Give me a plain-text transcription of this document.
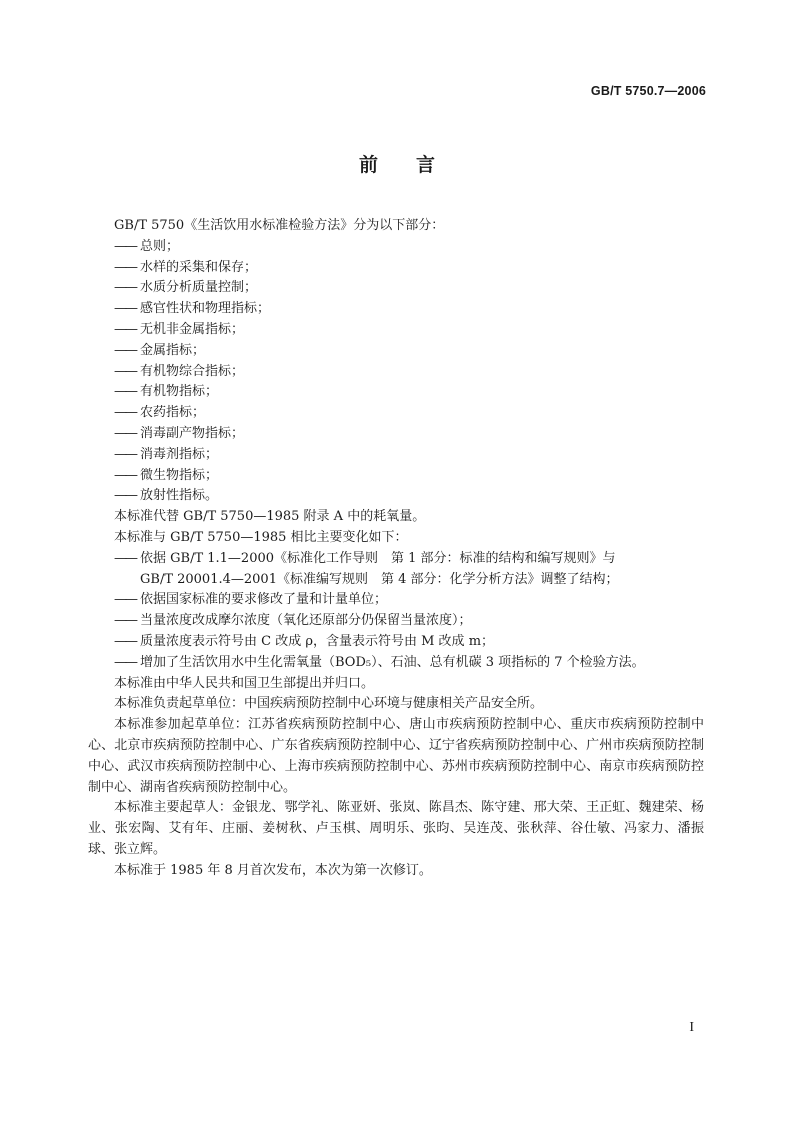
GB/T 5750.7—2006
前 言

GB/T 5750《生活饮用水标准检验方法》分为以下部分：

—— 总则；

—— 水样的采集和保存；

—— 水质分析质量控制；

—— 感官性状和物理指标；

—— 无机非金属指标；

—— 金属指标；

—— 有机物综合指标；

—— 有机物指标；

—— 农药指标；

—— 消毒副产物指标；

—— 消毒剂指标；

—— 微生物指标；

—— 放射性指标。

本标准代替 GB/T 5750—1985 附录 A 中的耗氧量。

本标准与 GB/T 5750—1985 相比主要变化如下：

—— 依据 GB/T 1.1—2000《标准化工作导则　第 1 部分：标准的结构和编写规则》与
GB/T 20001.4—2001《标准编写规则　第 4 部分：化学分析方法》调整了结构；

—— 依据国家标准的要求修改了量和计量单位；

—— 当量浓度改成摩尔浓度（氧化还原部分仍保留当量浓度）；

—— 质量浓度表示符号由 C 改成 ρ，含量表示符号由 M 改成 m；

—— 增加了生活饮用水中生化需氧量（BOD₅）、石油、总有机碳 3 项指标的 7 个检验方法。

本标准由中华人民共和国卫生部提出并归口。

本标准负责起草单位：中国疾病预防控制中心环境与健康相关产品安全所。

本标准参加起草单位：江苏省疾病预防控制中心、唐山市疾病预防控制中心、重庆市疾病预防控制中心、北京市疾病预防控制中心、广东省疾病预防控制中心、辽宁省疾病预防控制中心、广州市疾病预防控制中心、武汉市疾病预防控制中心、上海市疾病预防控制中心、苏州市疾病预防控制中心、南京市疾病预防控制中心、湖南省疾病预防控制中心。

本标准主要起草人：金银龙、鄂学礼、陈亚妍、张岚、陈昌杰、陈守建、邢大荣、王正虹、魏建荣、杨业、张宏陶、艾有年、庄丽、姜树秋、卢玉棋、周明乐、张昀、吴连茂、张秋萍、谷仕敏、冯家力、潘振球、张立辉。

本标准于 1985 年 8 月首次发布，本次为第一次修订。

I
